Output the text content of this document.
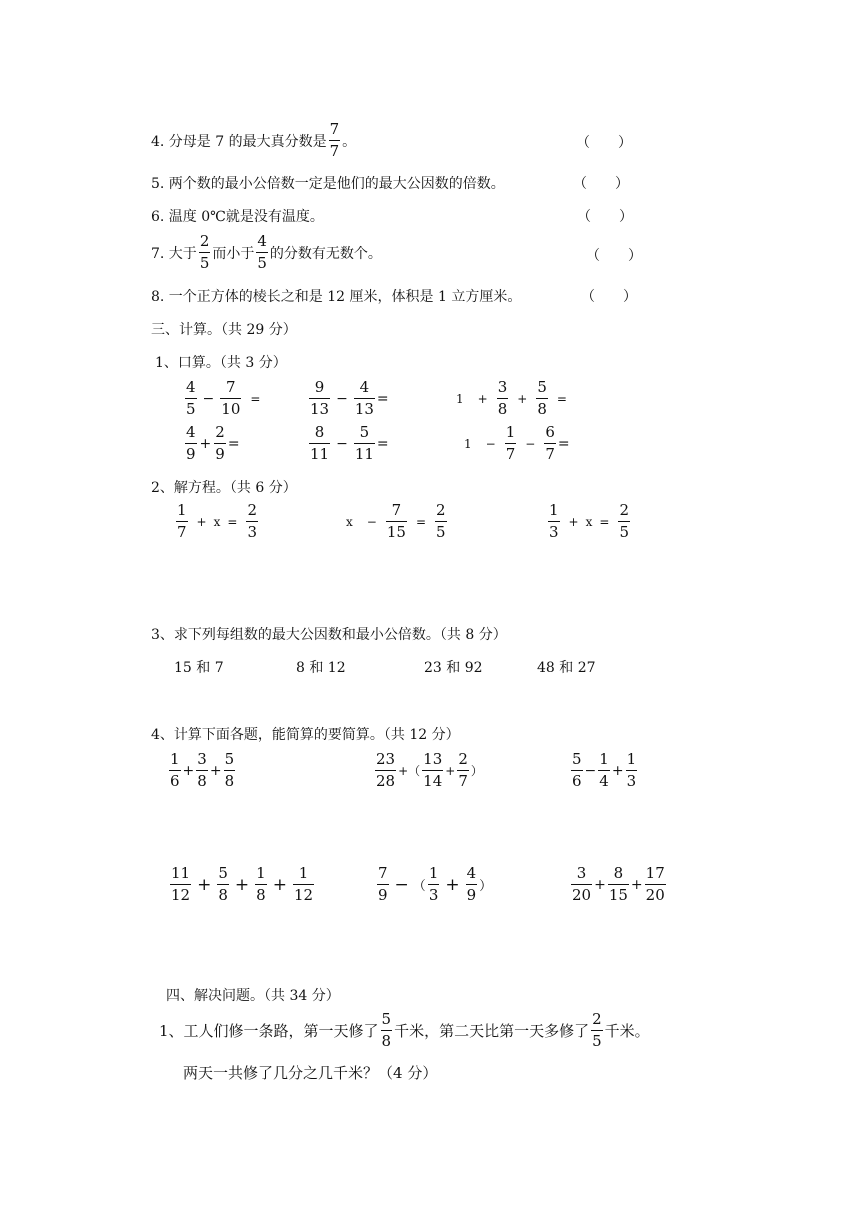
4. 分母是 7 的最大真分数是 $\frac{7}{7}$ 。	（　　）
5. 两个数的最小公倍数一定是他们的最大公因数的倍数。	（　　）
6. 温度 0℃就是没有温度。	（　　）
7. 大于 $\frac{2}{5}$ 而小于 $\frac{4}{5}$ 的分数有无数个。	（　　）
8. 一个正方体的棱长之和是 12 厘米，体积是 1 立方厘米。	（　　）
三、计算。（共 29 分）
1、口算。（共 3 分）
$\frac{4}{5} - \frac{7}{10}$ =	$\frac{9}{13} - \frac{4}{13}$ =	$1 + \frac{3}{8} + \frac{5}{8}$ =
$\frac{4}{9} + \frac{2}{9}$ =	$\frac{8}{11} - \frac{5}{11}$ =	$1 - \frac{1}{7} - \frac{6}{7}$ =
2、解方程。（共 6 分）
$\frac{1}{7} + x = \frac{2}{3}$	$x - \frac{7}{15} = \frac{2}{5}$	$\frac{1}{3} + x = \frac{2}{5}$
3、求下列每组数的最大公因数和最小公倍数。（共 8 分）
15 和 7	8 和 12	23 和 92	48 和 27
4、计算下面各题，能简算的要简算。（共 12 分）
$\frac{1}{6} + \frac{3}{8} + \frac{5}{8}$	$\frac{23}{28}$ + （ $\frac{13}{14} + \frac{2}{7}$ ）	$\frac{5}{6} - \frac{1}{4} + \frac{1}{3}$
$\frac{11}{12} + \frac{5}{8} + \frac{1}{8} + \frac{1}{12}$	$\frac{7}{9}$ − （ $\frac{1}{3} + \frac{4}{9}$ ）	$\frac{3}{20} + \frac{8}{15} + \frac{17}{20}$
四、解决问题。（共 34 分）
1、工人们修一条路，第一天修了 $\frac{5}{8}$ 千米，第二天比第一天多修了 $\frac{2}{5}$ 千米。
两天一共修了几分之几千米？（4 分）
